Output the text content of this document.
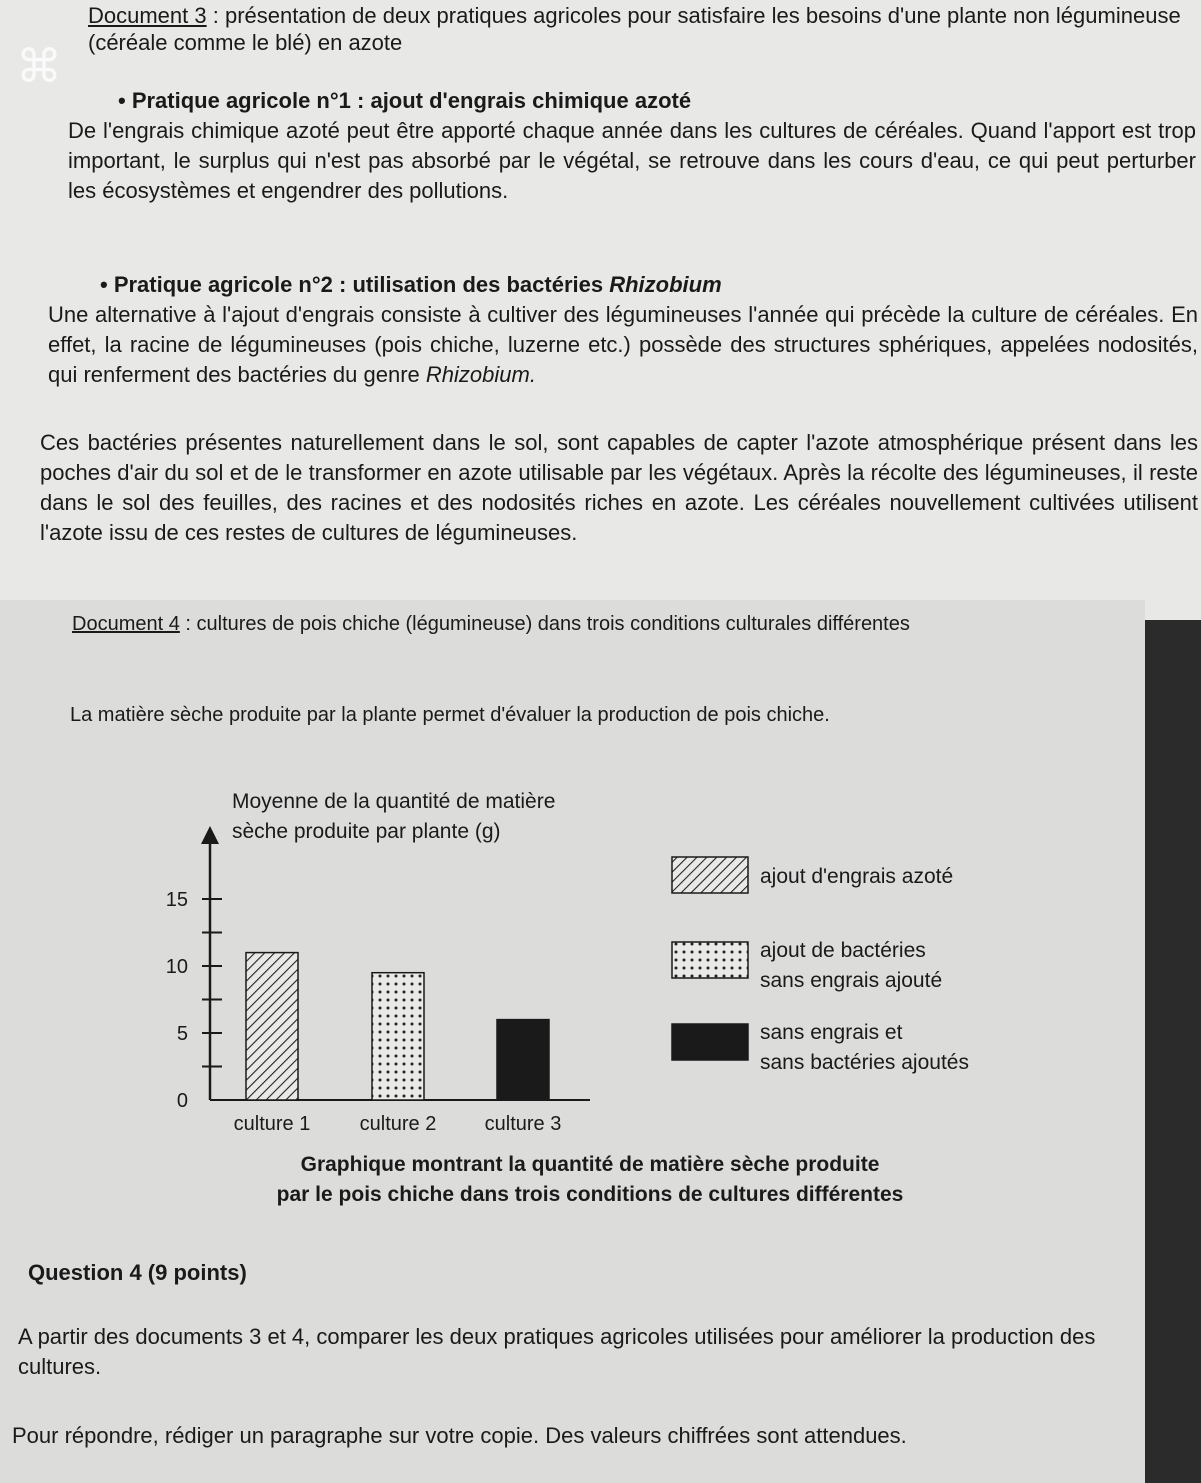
⌘
Document 3 : présentation de deux pratiques agricoles pour satisfaire les besoins d'une plante non légumineuse (céréale comme le blé) en azote
• Pratique agricole n°1 : ajout d'engrais chimique azoté
De l'engrais chimique azoté peut être apporté chaque année dans les cultures de céréales. Quand l'apport est trop important, le surplus qui n'est pas absorbé par le végétal, se retrouve dans les cours d'eau, ce qui peut perturber les écosystèmes et engendrer des pollutions.
• Pratique agricole n°2 : utilisation des bactéries Rhizobium
Une alternative à l'ajout d'engrais consiste à cultiver des légumineuses l'année qui précède la culture de céréales. En effet, la racine de légumineuses (pois chiche, luzerne etc.) possède des structures sphériques, appelées nodosités, qui renferment des bactéries du genre Rhizobium.
Ces bactéries présentes naturellement dans le sol, sont capables de capter l'azote atmosphérique présent dans les poches d'air du sol et de le transformer en azote utilisable par les végétaux. Après la récolte des légumineuses, il reste dans le sol des feuilles, des racines et des nodosités riches en azote. Les céréales nouvellement cultivées utilisent l'azote issu de ces restes de cultures de légumineuses.
Document 4 : cultures de pois chiche (légumineuse) dans trois conditions culturales différentes
La matière sèche produite par la plante permet d'évaluer la production de pois chiche.
Moyenne de la quantité de matière
sèche produite par plante (g)
0
5
10
15
culture 1 culture 2 culture 3
ajout d'engrais azoté
ajout de bactéries
sans engrais ajouté
sans engrais et
sans bactéries ajoutés
Graphique montrant la quantité de matière sèche produite
par le pois chiche dans trois conditions de cultures différentes
Question 4 (9 points)
A partir des documents 3 et 4, comparer les deux pratiques agricoles utilisées pour améliorer la production des cultures.
Pour répondre, rédiger un paragraphe sur votre copie. Des valeurs chiffrées sont attendues.
